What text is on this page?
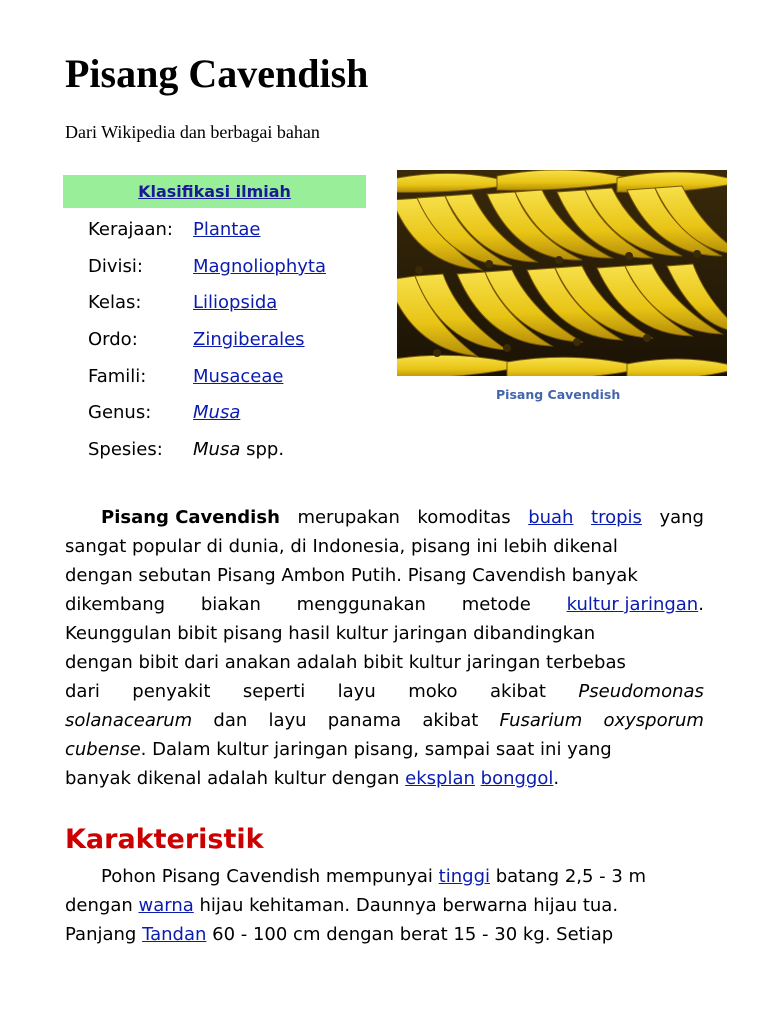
Pisang Cavendish
Dari Wikipedia dan berbagai bahan
Klasifikasi ilmiah
Kerajaan: Plantae
Divisi:	Magnoliophyta
Kelas:	Liliopsida
Ordo:	Zingiberales
Famili:	Musaceae
Genus: Musa
Spesies: Musa spp.
Pisang Cavendish
Pisang Cavendish merupakan komoditas buah tropis yang
sangat popular di dunia, di Indonesia, pisang ini lebih dikenal
dengan sebutan Pisang Ambon Putih. Pisang Cavendish banyak
dikembang biakan menggunakan metode kultur jaringan.
Keunggulan bibit pisang hasil kultur jaringan dibandingkan
dengan bibit dari anakan adalah bibit kultur jaringan terbebas
dari penyakit seperti layu moko akibat Pseudomonas
solanacearum dan layu panama akibat Fusarium oxysporum
cubense. Dalam kultur jaringan pisang, sampai saat ini yang
banyak dikenal adalah kultur dengan eksplan bonggol.
Karakteristik
Pohon Pisang Cavendish mempunyai tinggi batang 2,5 - 3 m
dengan warna hijau kehitaman. Daunnya berwarna hijau tua.
Panjang Tandan 60 - 100 cm dengan berat 15 - 30 kg. Setiap
